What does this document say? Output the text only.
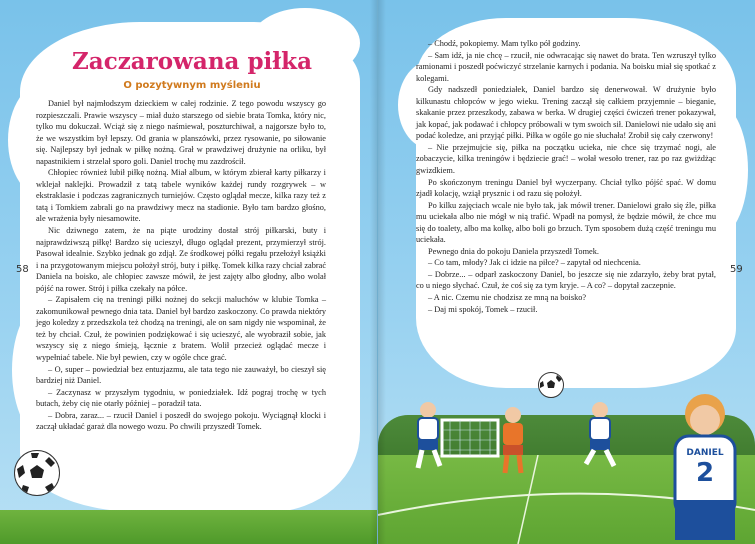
Zaczarowana piłka
O pozytywnym myśleniu

Daniel był najmłodszym dzieckiem w całej rodzinie. Z tego powodu wszyscy go rozpieszczali. Prawie wszyscy – miał dużo starszego od siebie brata Tomka, który nic, tylko mu dokuczał. Wciąż się z niego naśmiewał, poszturchiwał, a najgorsze było to, że we wszystkim był lepszy. Od grania w planszówki, przez rysowanie, po siłowanie się. Najlepszy był jednak w piłkę nożną. Grał w prawdziwej drużynie na orliku, był napastnikiem i strzelał sporo goli. Daniel trochę mu zazdrościł.

Chłopiec również lubił piłkę nożną. Miał album, w którym zbierał karty piłkarzy i wklejał naklejki. Prowadził z tatą tabele wyników każdej rundy rozgrywek – w ekstraklasie i podczas zagranicznych turniejów. Często oglądał mecze, kilka razy też z tatą i Tomkiem zabrali go na prawdziwy mecz na stadionie. Było tam bardzo głośno, ale wrażenia były niesamowite.

Nic dziwnego zatem, że na piąte urodziny dostał strój piłkarski, buty i najprawdziwszą piłkę! Bardzo się ucieszył, długo oglądał prezent, przymierzył strój. Pasował idealnie. Szybko jednak go zdjął. Ze środkowej półki regału przełożył książki i na przygotowanym miejscu położył strój, buty i piłkę. Tomek kilka razy chciał zabrać Daniela na boisko, ale chłopiec zawsze mówił, że jest zajęty albo głodny, albo wolał pójść na rower. Strój i piłka czekały na półce.

– Zapisałem cię na treningi piłki nożnej do sekcji maluchów w klubie Tomka – zakomunikował pewnego dnia tata. Daniel był bardzo zaskoczony. Co prawda niektóry jego koledzy z przedszkola też chodzą na treningi, ale on sam nigdy nie wspominał, że też by chciał. Czuł, że powinien podziękować i się ucieszyć, ale wyobraził sobie, jak wszyscy się z niego śmieją, łącznie z bratem. Wolił przecież oglądać mecze i wypełniać tabele. Nie był pewien, czy w ogóle chce grać.

– O, super – powiedział bez entuzjazmu, ale tata tego nie zauważył, bo cieszył się bardziej niż Daniel.

– Zaczynasz w przyszłym tygodniu, w poniedziałek. Idź pograj trochę w tych butach, żeby cię nie otarły później – poradził tata.

– Dobra, zaraz... – rzucił Daniel i poszedł do swojego pokoju. Wyciągnął klocki i zaczął układać garaż dla nowego wozu. Po chwili przyszedł Tomek.

58

– Chodź, pokopiemy. Mam tylko pół godziny.

– Sam idź, ja nie chcę – rzucił, nie odwracając się nawet do brata. Ten wzruszył tylko ramionami i poszedł poćwiczyć strzelanie karnych i podania. Na boisku miał się spotkać z kolegami.

Gdy nadszedł poniedziałek, Daniel bardzo się denerwował. W drużynie było kilkunastu chłopców w jego wieku. Trening zaczął się całkiem przyjemnie – bieganie, skakanie przez przeszkody, zabawa w berka. W drugiej części ćwiczeń trener pokazywał, jak kopać, jak podawać i chłopcy próbowali w tym swoich sił. Danielowi nie udało się ani podać koledze, ani przyjąć piłki. Piłka w ogóle go nie słuchała! Zrobił się cały czerwony!

– Nie przejmujcie się, piłka na początku ucieka, nie chce się trzymać nogi, ale zobaczycie, kilka treningów i będziecie grać! – wołał wesoło trener, raz po raz gwiżdżąc gwizdkiem.

Po skończonym treningu Daniel był wyczerpany. Chciał tylko pójść spać. W domu zjadł kolację, wziął prysznic i od razu się położył.

Po kilku zajęciach wcale nie było tak, jak mówił trener. Danielowi grało się źle, piłka mu uciekała albo nie mógł w nią trafić. Wpadł na pomysł, że będzie mówił, że chce mu się do toalety, albo ma kolkę, albo boli go brzuch. Tym sposobem dużą część treningu mu uciekała.

Pewnego dnia do pokoju Daniela przyszedł Tomek.

– Co tam, młody? Jak ci idzie na piłce? – zapytał od niechcenia.

– Dobrze... – odparł zaskoczony Daniel, bo jeszcze się nie zdarzyło, żeby brat pytał, co u niego słychać. Czuł, że coś się za tym kryje. – A co? – dopytał zaczepnie.

– A nic. Czemu nie chodzisz ze mną na boisko?

– Daj mi spokój, Tomek – rzucił.

59
DANIEL
2
